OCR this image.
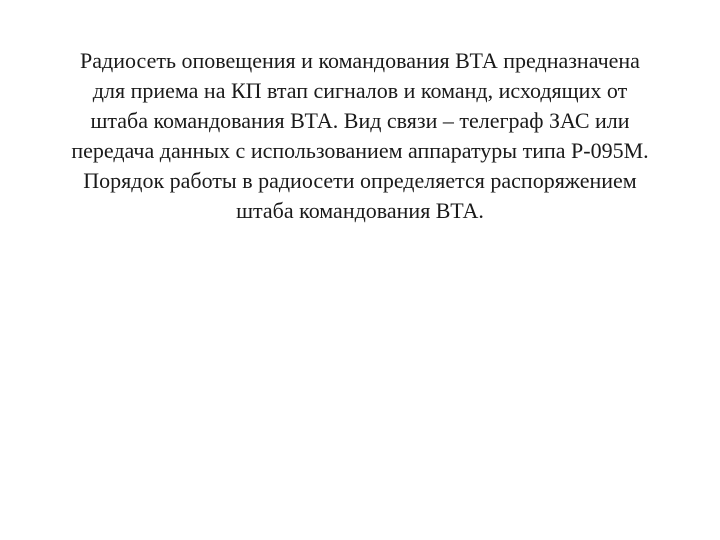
Радиосеть оповещения и командования ВТА предназначена
для приема на КП втап сигналов и команд, исходящих от
штаба командования ВТА. Вид связи – телеграф ЗАС или
передача данных с использованием аппаратуры типа Р-095М.
Порядок работы в радиосети определяется распоряжением
штаба командования ВТА.
